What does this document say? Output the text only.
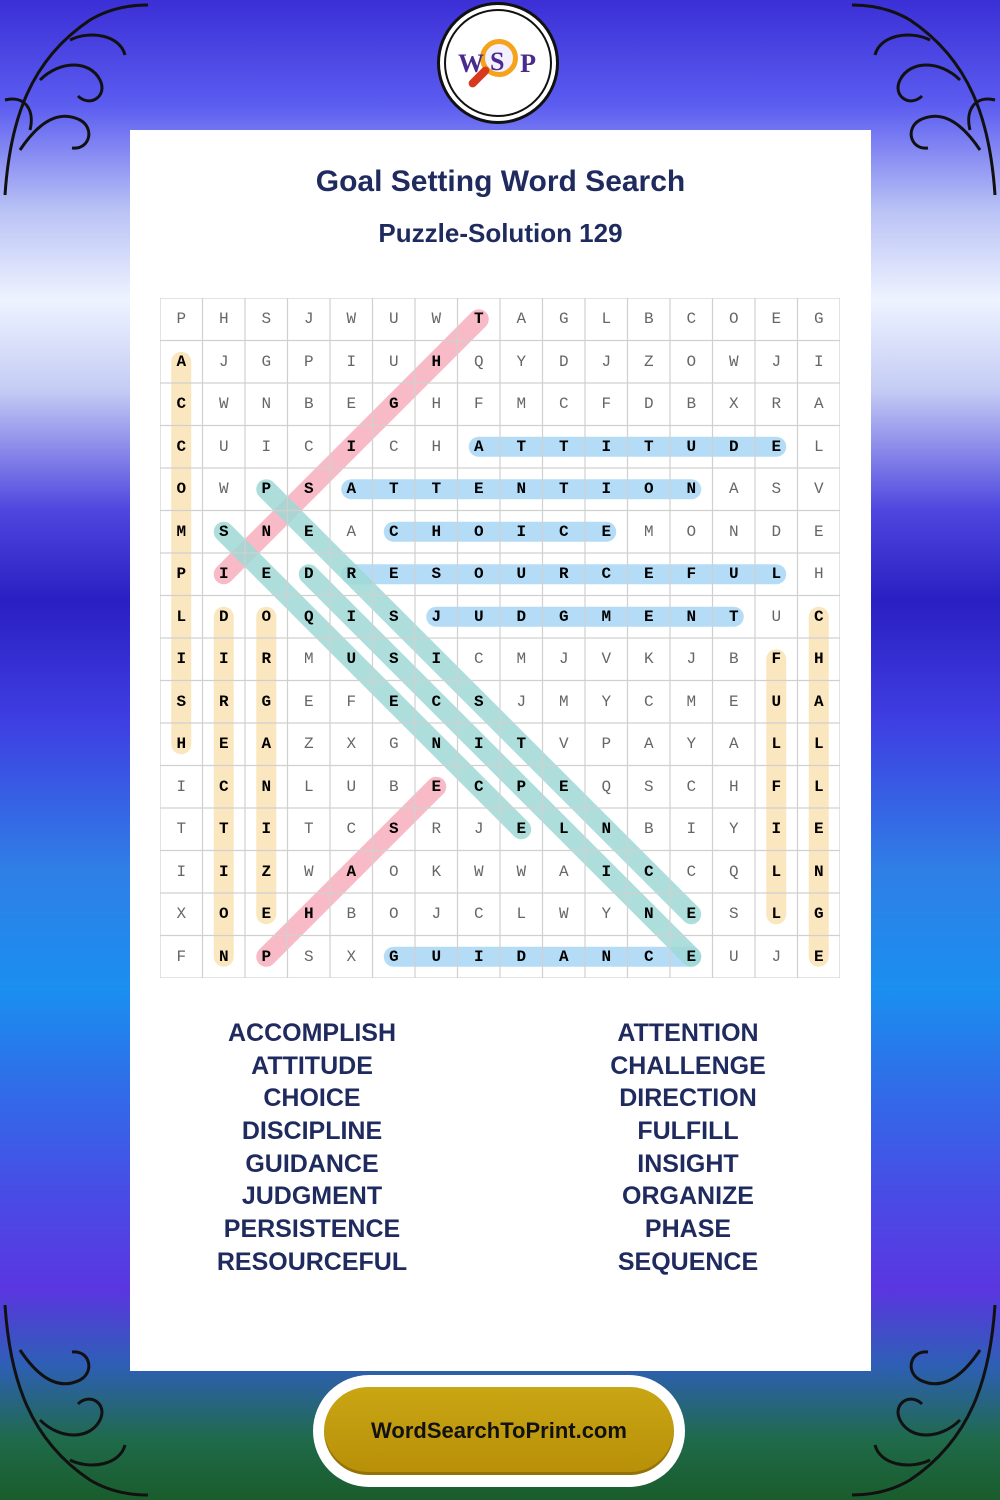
Goal Setting Word Search
Puzzle-Solution 129
P	H	S	J	W	U	W	T	A	G	L	B	C	O	E	G
A	J	G	P	I	U	H	Q	Y	D	J	Z	O	W	J	I
C	W	N	B	E	G	H	F	M	C	F	D	B	X	R	A
C	U	I	C	I	C	H	A	T	T	I	T	U	D	E	L
O	W	P	S	A	T	T	E	N	T	I	O	N	A	S	V
M	S	N	E	A	C	H	O	I	C	E	M	O	N	D	E
P	I	E	D	R	E	S	O	U	R	C	E	F	U	L	H
L	D	O	Q	I	S	J	U	D	G	M	E	N	T	U	C
I	I	R	M	U	S	I	C	M	J	V	K	J	B	F	H
S	R	G	E	F	E	C	S	J	M	Y	C	M	E	U	A
H	E	A	Z	X	G	N	I	T	V	P	A	Y	A	L	L
I	C	N	L	U	B	E	C	P	E	Q	S	C	H	F	L
T	T	I	T	C	S	R	J	E	L	N	B	I	Y	I	E
I	I	Z	W	A	O	K	W	W	A	I	C	C	Q	L	N
X	O	E	H	B	O	J	C	L	W	Y	N	E	S	L	G
F	N	P	S	X	G	U	I	D	A	N	C	E	U	J	E
ACCOMPLISH
ATTITUDE
CHOICE
DISCIPLINE
GUIDANCE
JUDGMENT
PERSISTENCE
RESOURCEFUL
ATTENTION
CHALLENGE
DIRECTION
FULFILL
INSIGHT
ORGANIZE
PHASE
SEQUENCE
W S P
WordSearchToPrint.com
